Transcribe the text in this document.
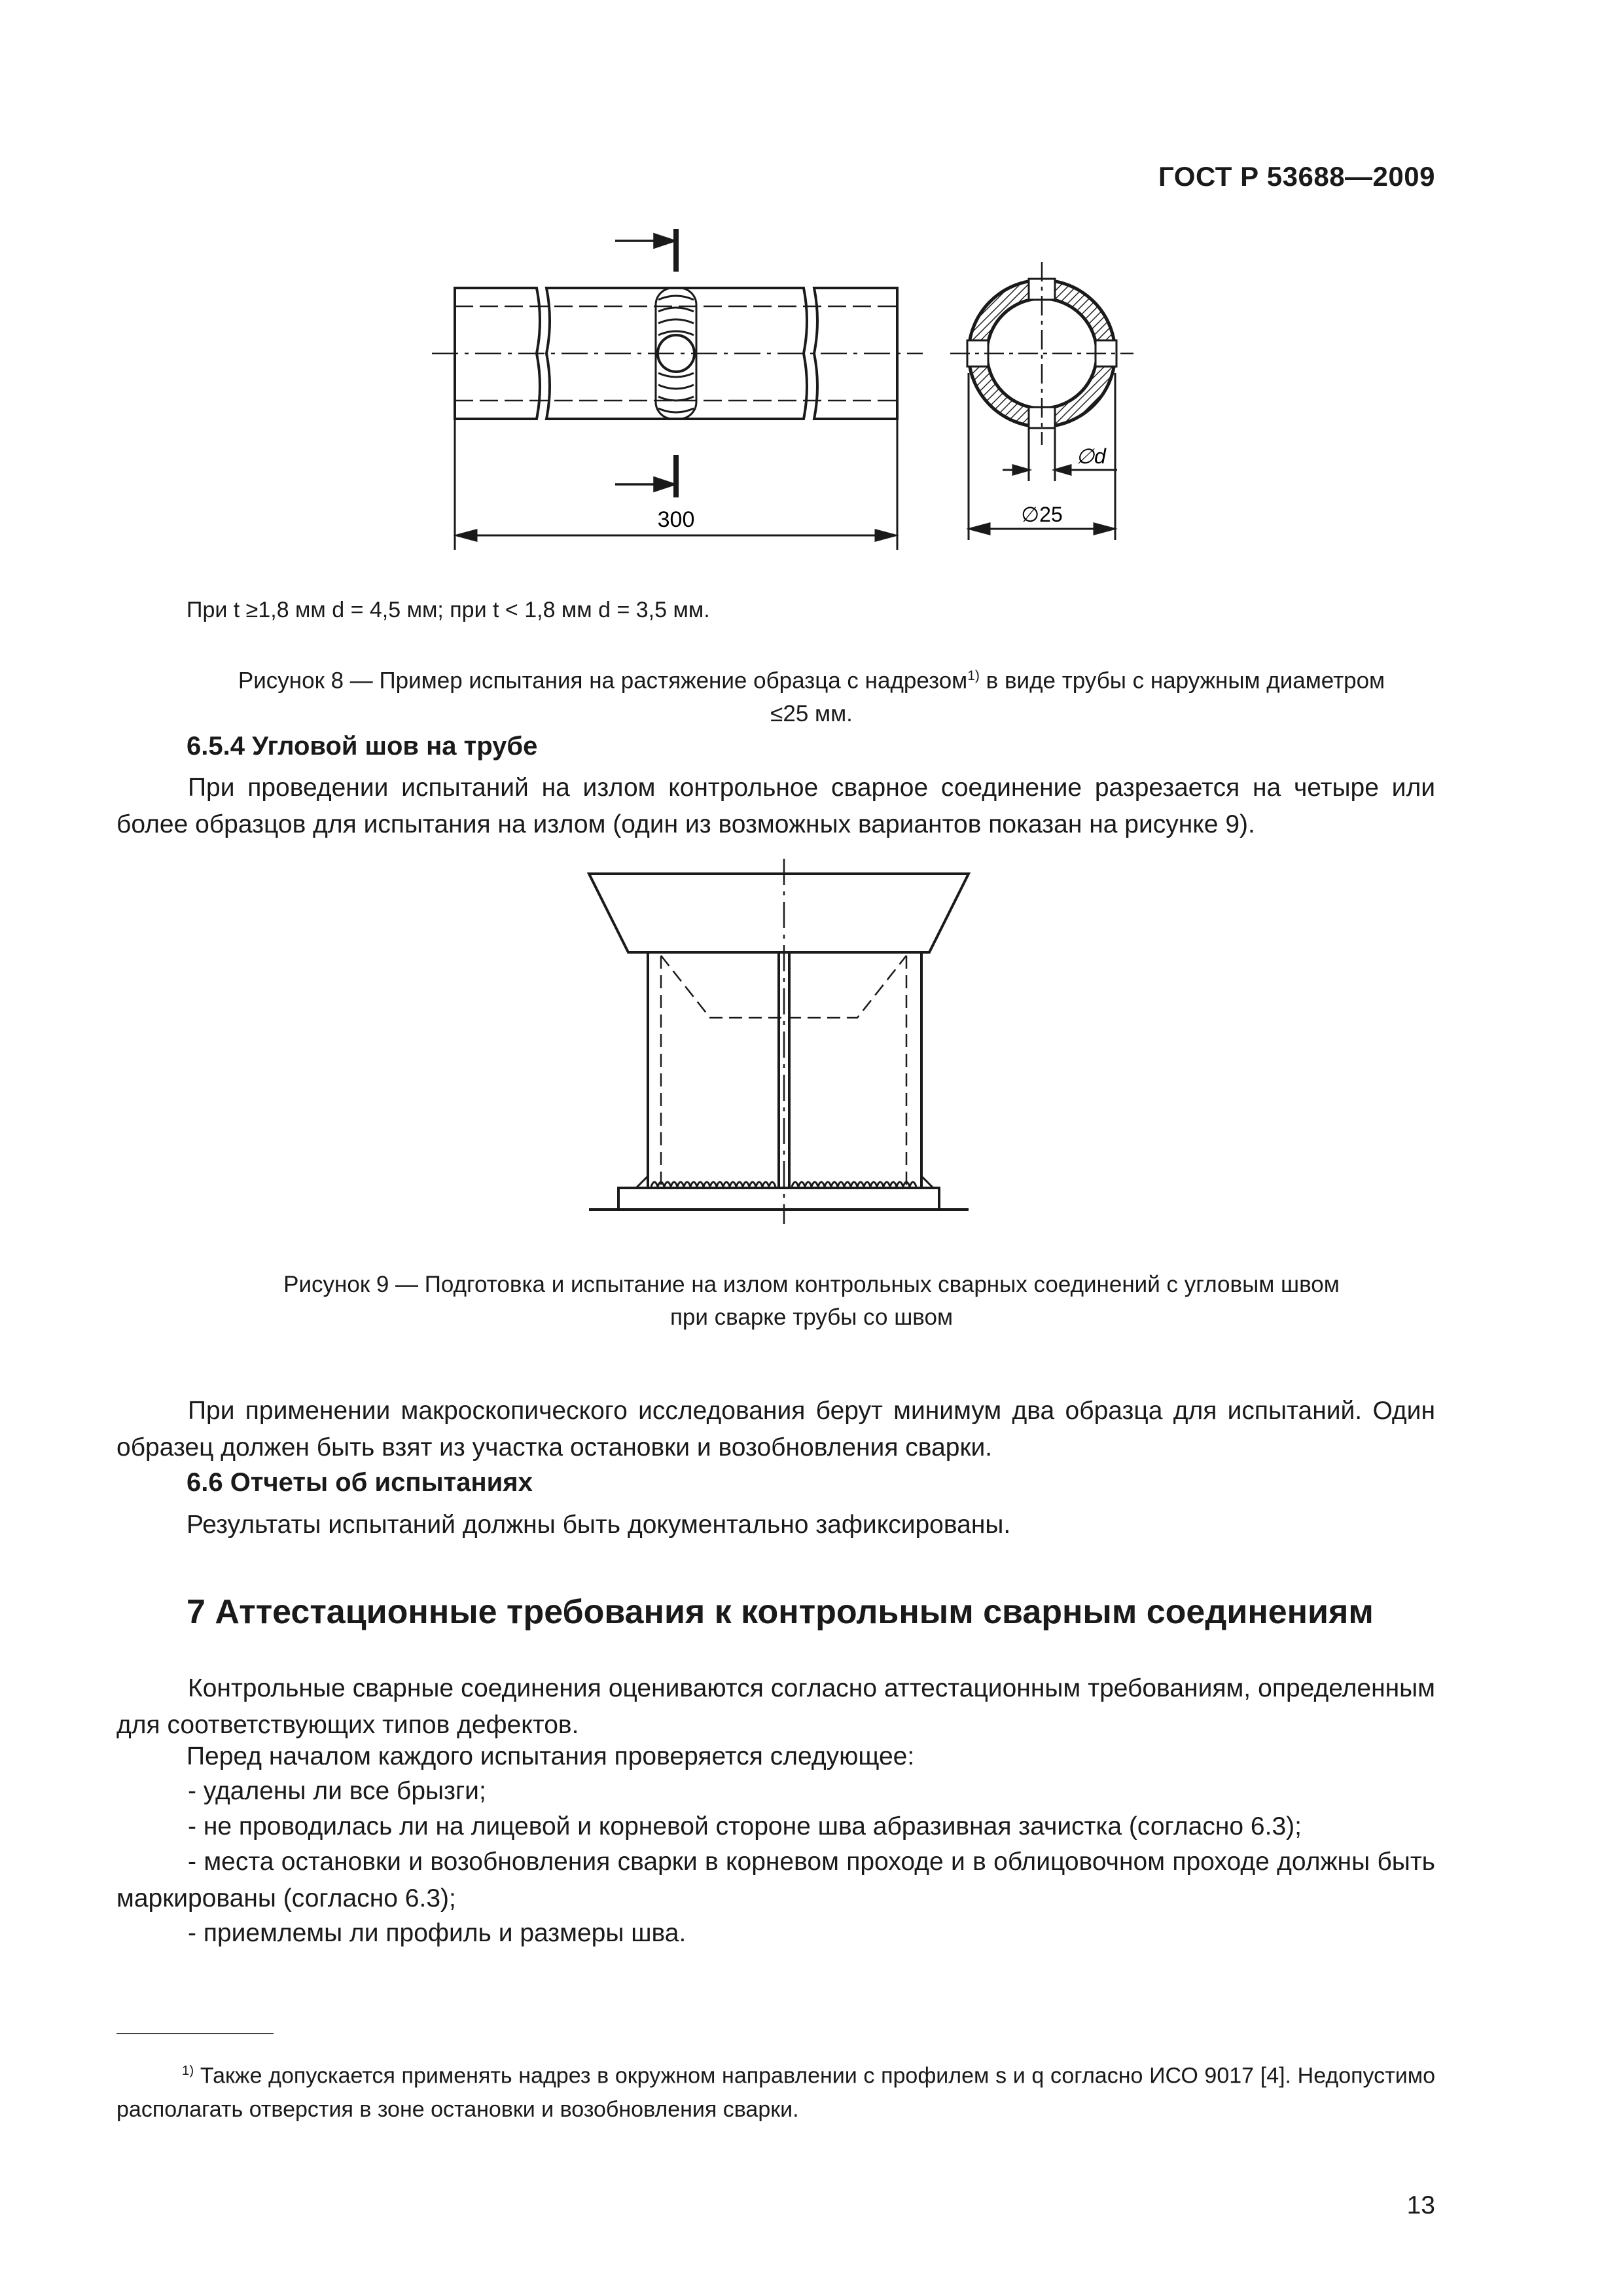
ГОСТ Р 53688—2009
300
∅d
∅25
При t ≥1,8 мм d = 4,5 мм; при t < 1,8 мм d = 3,5 мм.
Рисунок 8 — Пример испытания на растяжение образца с надрезом$^{1)}$ в виде трубы с наружным диаметром
≤25 мм.
6.5.4 Угловой шов на трубе
При проведении испытаний на излом контрольное сварное соединение разрезается на четыре или более образцов для испытания на излом (один из возможных вариантов показан на рисунке 9).
Рисунок 9 — Подготовка и испытание на излом контрольных сварных соединений с угловым швом
при сварке трубы со швом
При применении макроскопического исследования берут минимум два образца для испытаний. Один образец должен быть взят из участка остановки и возобновления сварки.
6.6 Отчеты об испытаниях
Результаты испытаний должны быть документально зафиксированы.
7 Аттестационные требования к контрольным сварным соединениям
Контрольные сварные соединения оцениваются согласно аттестационным требованиям, определенным для соответствующих типов дефектов.
Перед началом каждого испытания проверяется следующее:
- удалены ли все брызги;
- не проводилась ли на лицевой и корневой стороне шва абразивная зачистка (согласно 6.3);
- места остановки и возобновления сварки в корневом проходе и в облицовочном проходе должны быть маркированы (согласно 6.3);
- приемлемы ли профиль и размеры шва.
$^{1)}$ Также допускается применять надрез в окружном направлении с профилем s и q согласно ИСО 9017 [4]. Недопустимо располагать отверстия в зоне остановки и возобновления сварки.
13
